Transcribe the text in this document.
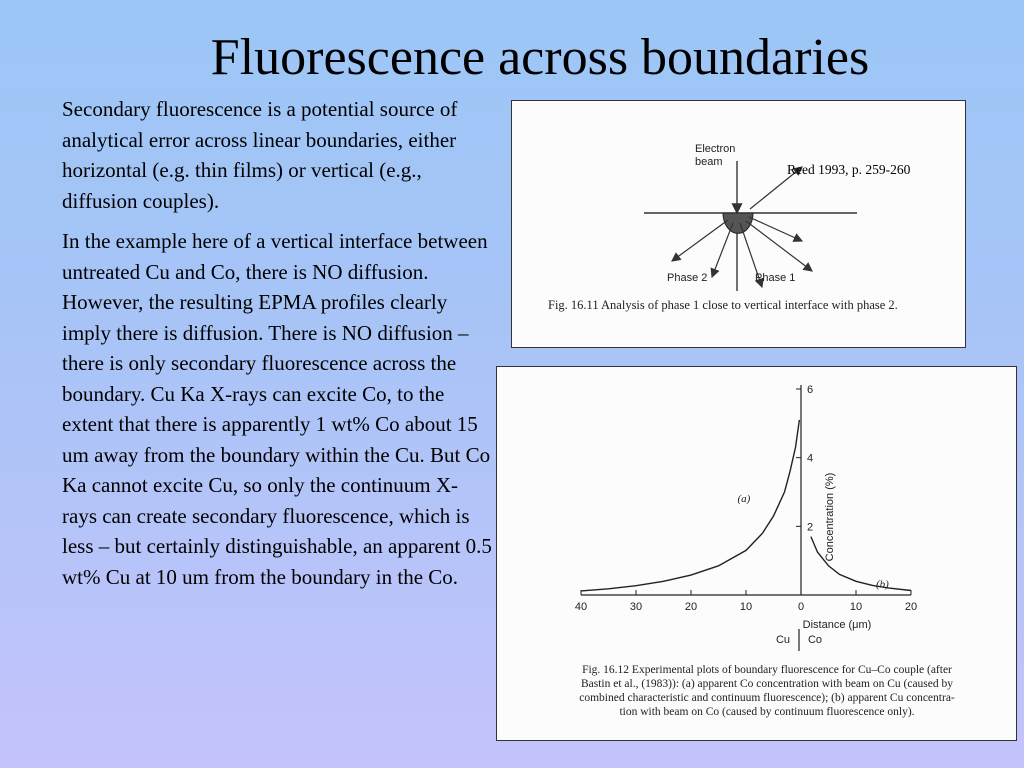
Fluorescence across boundaries

Secondary fluorescence is a potential source of analytical error across linear boundaries, either horizontal (e.g. thin films) or vertical (e.g., diffusion couples).

In the example here of a vertical interface between untreated Cu and Co, there is NO diffusion. However, the resulting EPMA profiles clearly imply there is diffusion. There is NO diffusion – there is only secondary fluorescence across the boundary. Cu Ka X-rays can excite Co, to the extent that there is apparently 1 wt% Co about 15 um away from the boundary within the Cu. But Co Ka cannot excite Cu, so only the continuum X-rays can create secondary fluorescence, which is less – but certainly distinguishable, an apparent 0.5 wt% Cu at 10 um from the boundary in the Co.

Electron
beam
Phase 2	Phase 1
Reed 1993, p. 259-260
Fig. 16.11 Analysis of phase 1 close to vertical interface with phase 2.
40	30	20	10	0	10	20
6
4
2
(a)
(b)
Concentration (%)
Distance (μm)
Cu Co
Fig. 16.12 Experimental plots of boundary fluorescence for Cu–Co couple (after
Bastin et al., (1983)): (a) apparent Co concentration with beam on Cu (caused by
combined characteristic and continuum fluorescence); (b) apparent Cu concentra-
tion with beam on Co (caused by continuum fluorescence only).
